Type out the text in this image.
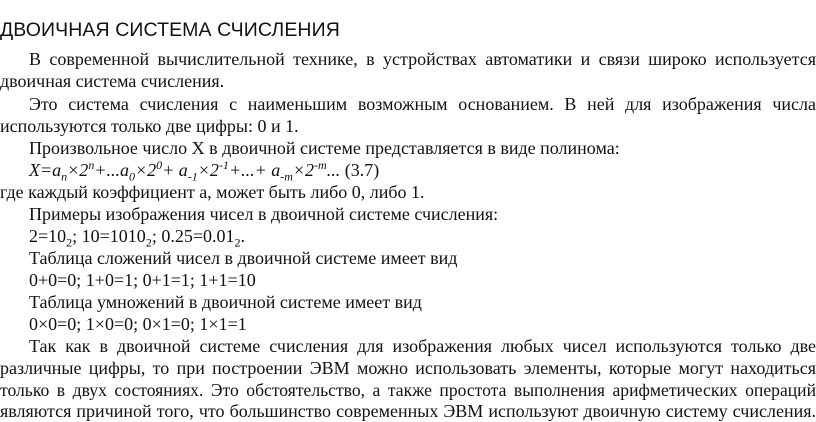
ДВОИЧНАЯ СИСТЕМА СЧИСЛЕНИЯ
В современной вычислительной технике, в устройствах автоматики и связи широко используется
двоичная система счисления.
Это система счисления с наименьшим возможным основанием. В ней для изображения числа
используются только две цифры: 0 и 1.
Произвольное число Х в двоичной системе представляется в виде полинома:
$X=a_n\times 2^n+...a_0\times 2^0+ a_{-1}\times 2^{-1}+...+ a_{-m}\times 2^{-m}$... (3.7)
где каждый коэффициент а, может быть либо 0, либо 1.
Примеры изображения чисел в двоичной системе счисления:
$2=10_2$; $10=1010_2$; $0.25=0.01_2$.
Таблица сложений чисел в двоичной системе имеет вид
0+0=0; 1+0=1; 0+1=1; 1+1=10
Таблица умножений в двоичной системе имеет вид
0×0=0; 1×0=0; 0×1=0; 1×1=1
Так как в двоичной системе счисления для изображения любых чисел используются только две
различные цифры, то при построении ЭВМ можно использовать элементы, которые могут находиться
только в двух состояниях. Это обстоятельство, а также простота выполнения арифметических операций
являются причиной того, что большинство современных ЭВМ используют двоичную систему счисления.
